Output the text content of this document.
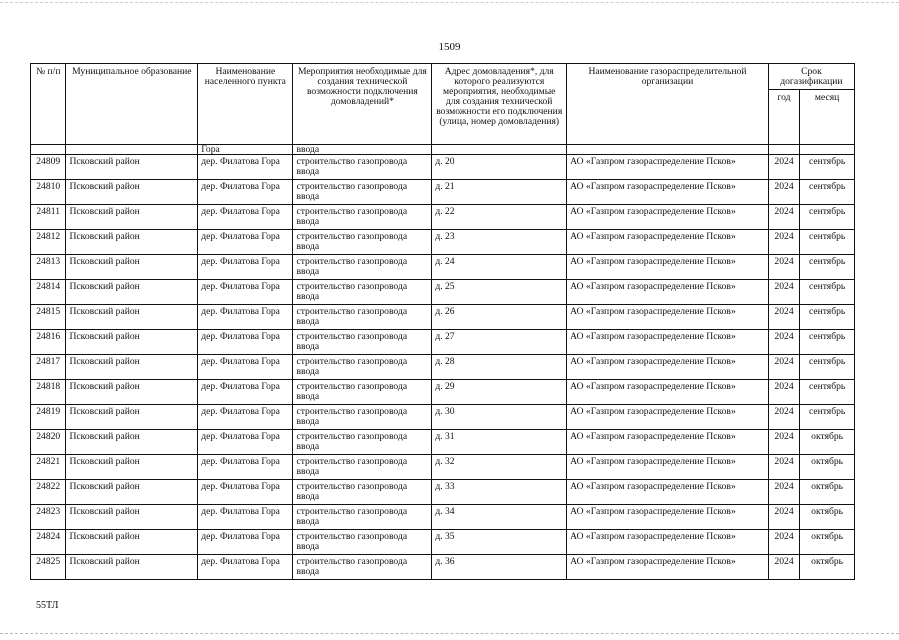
1509
№ п/п	Муниципальное образование	Наименование населенного пункта	Мероприятия необходимые для создания технической возможности подключения домовладений*	Адрес домовладения*, для которого реализуются мероприятия, необходимые для создания технической возможности его подключения (улица, номер домовладения)	Наименование газораспределительной организации	Срок догазификации	
						год	месяц
		Гора	ввода				
24809	Псковский район	дер. Филатова Гора	строительство газопровода ввода	д. 20	АО «Газпром газораспределение Псков»	2024	сентябрь
24810	Псковский район	дер. Филатова Гора	строительство газопровода ввода	д. 21	АО «Газпром газораспределение Псков»	2024	сентябрь
24811	Псковский район	дер. Филатова Гора	строительство газопровода ввода	д. 22	АО «Газпром газораспределение Псков»	2024	сентябрь
24812	Псковский район	дер. Филатова Гора	строительство газопровода ввода	д. 23	АО «Газпром газораспределение Псков»	2024	сентябрь
24813	Псковский район	дер. Филатова Гора	строительство газопровода ввода	д. 24	АО «Газпром газораспределение Псков»	2024	сентябрь
24814	Псковский район	дер. Филатова Гора	строительство газопровода ввода	д. 25	АО «Газпром газораспределение Псков»	2024	сентябрь
24815	Псковский район	дер. Филатова Гора	строительство газопровода ввода	д. 26	АО «Газпром газораспределение Псков»	2024	сентябрь
24816	Псковский район	дер. Филатова Гора	строительство газопровода ввода	д. 27	АО «Газпром газораспределение Псков»	2024	сентябрь
24817	Псковский район	дер. Филатова Гора	строительство газопровода ввода	д. 28	АО «Газпром газораспределение Псков»	2024	сентябрь
24818	Псковский район	дер. Филатова Гора	строительство газопровода ввода	д. 29	АО «Газпром газораспределение Псков»	2024	сентябрь
24819	Псковский район	дер. Филатова Гора	строительство газопровода ввода	д. 30	АО «Газпром газораспределение Псков»	2024	сентябрь
24820	Псковский район	дер. Филатова Гора	строительство газопровода ввода	д. 31	АО «Газпром газораспределение Псков»	2024	октябрь
24821	Псковский район	дер. Филатова Гора	строительство газопровода ввода	д. 32	АО «Газпром газораспределение Псков»	2024	октябрь
24822	Псковский район	дер. Филатова Гора	строительство газопровода ввода	д. 33	АО «Газпром газораспределение Псков»	2024	октябрь
24823	Псковский район	дер. Филатова Гора	строительство газопровода ввода	д. 34	АО «Газпром газораспределение Псков»	2024	октябрь
24824	Псковский район	дер. Филатова Гора	строительство газопровода ввода	д. 35	АО «Газпром газораспределение Псков»	2024	октябрь
24825	Псковский район	дер. Филатова Гора	строительство газопровода ввода	д. 36	АО «Газпром газораспределение Псков»	2024	октябрь
55ТЛ
